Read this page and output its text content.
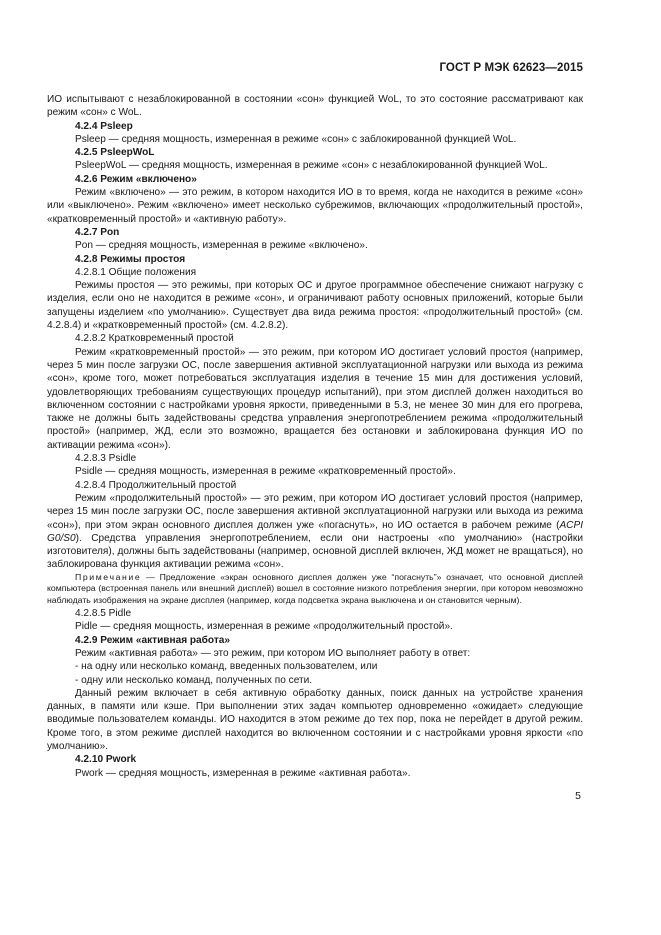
ГОСТ Р МЭК 62623—2015

ИО испытывают с незаблокированной в состоянии «сон» функцией WoL, то это состояние рассматривают как режим «сон» с WoL.

4.2.4 Psleep

Psleep — средняя мощность, измеренная в режиме «сон» с заблокированной функцией WoL.

4.2.5 PsleepWoL

PsleepWoL — средняя мощность, измеренная в режиме «сон» с незаблокированной функцией WoL.

4.2.6 Режим «включено»

Режим «включено» — это режим, в котором находится ИО в то время, когда не находится в режиме «сон» или «выключено». Режим «включено» имеет несколько субрежимов, включающих «продолжительный простой», «кратковременный простой» и «активную работу».

4.2.7 Pon

Pon — средняя мощность, измеренная в режиме «включено».

4.2.8 Режимы простоя

4.2.8.1 Общие положения

Режимы простоя — это режимы, при которых ОС и другое программное обеспечение снижают нагрузку с изделия, если оно не находится в режиме «сон», и ограничивают работу основных приложений, которые были запущены изделием «по умолчанию». Существует два вида режима простоя: «продолжительный простой» (см. 4.2.8.4) и «кратковременный простой» (см. 4.2.8.2).

4.2.8.2 Кратковременный простой

Режим «кратковременный простой» — это режим, при котором ИО достигает условий простоя (например, через 5 мин после загрузки ОС, после завершения активной эксплуатационной нагрузки или выхода из режима «сон», кроме того, может потребоваться эксплуатация изделия в течение 15 мин для достижения условий, удовлетворяющих требованиям существующих процедур испытаний), при этом дисплей должен находиться во включенном состоянии с настройками уровня яркости, приведенными в 5.3, не менее 30 мин для его прогрева, также не должны быть задействованы средства управления энергопотреблением режима «продолжительный простой» (например, ЖД, если это возможно, вращается без остановки и заблокирована функция ИО по активации режима «сон»).

4.2.8.3 Psidle

Psidle — средняя мощность, измеренная в режиме «кратковременный простой».

4.2.8.4 Продолжительный простой

Режим «продолжительный простой» — это режим, при котором ИО достигает условий простоя (например, через 15 мин после загрузки ОС, после завершения активной эксплуатационной нагрузки или выхода из режима «сон»), при этом экран основного дисплея должен уже «погаснуть», но ИО остается в рабочем режиме (ACPI G0/S0). Средства управления энергопотреблением, если они настроены «по умолчанию» (настройки изготовителя), должны быть задействованы (например, основной дисплей включен, ЖД может не вращаться), но заблокирована функция активации режима «сон».

Примечание — Предложение «экран основного дисплея должен уже “погаснуть”» означает, что основной дисплей компьютера (встроенная панель или внешний дисплей) вошел в состояние низкого потребления энергии, при котором невозможно наблюдать изображения на экране дисплея (например, когда подсветка экрана выключена и он становится черным).

4.2.8.5 Pidle

Pidle — средняя мощность, измеренная в режиме «продолжительный простой».

4.2.9 Режим «активная работа»

Режим «активная работа» — это режим, при котором ИО выполняет работу в ответ:

- на одну или несколько команд, введенных пользователем, или

- одну или несколько команд, полученных по сети.

Данный режим включает в себя активную обработку данных, поиск данных на устройстве хранения данных, в памяти или кэше. При выполнении этих задач компьютер одновременно «ожидает» следующие вводимые пользователем команды. ИО находится в этом режиме до тех пор, пока не перейдет в другой режим. Кроме того, в этом режиме дисплей находится во включенном состоянии и с настройками уровня яркости «по умолчанию».

4.2.10 Pwork

Pwork — средняя мощность, измеренная в режиме «активная работа».

5
